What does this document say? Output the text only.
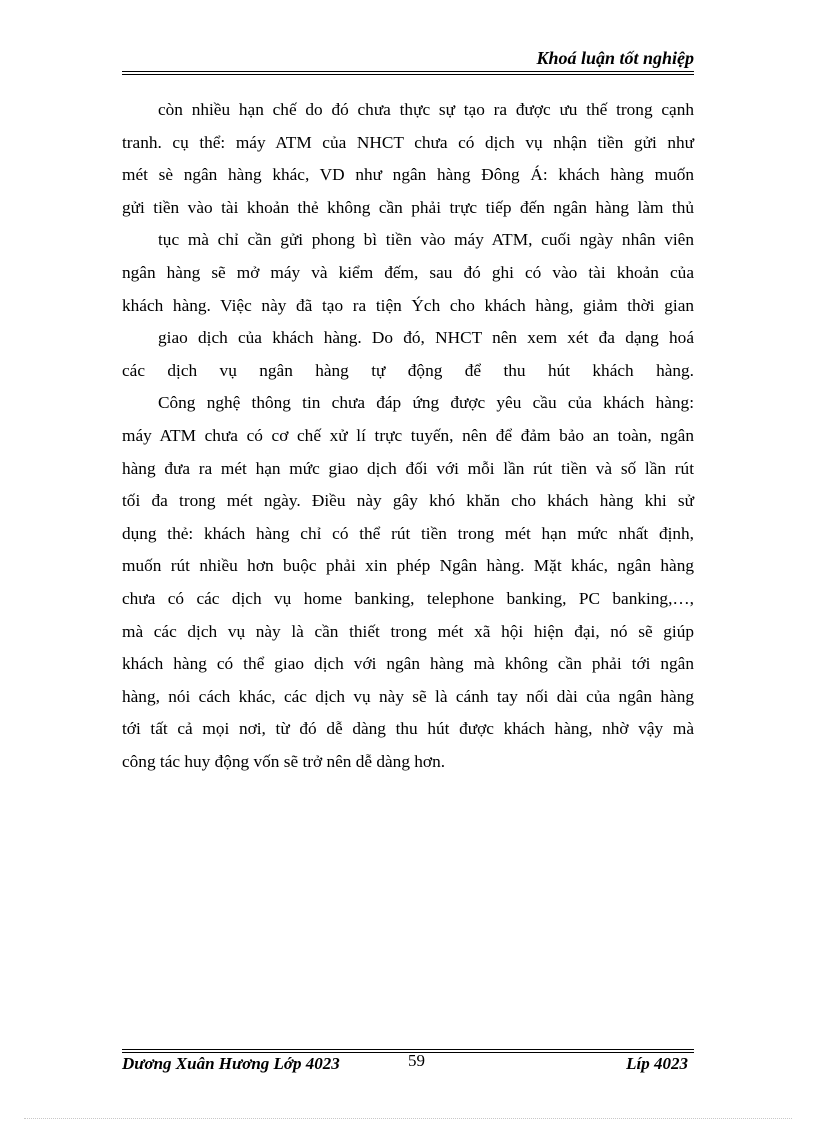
Khoá luận tốt nghiệp

còn nhiều hạn chế do đó chưa thực sự tạo ra được ưu thế trong cạnh

tranh. cụ thể: máy ATM của NHCT chưa có dịch vụ nhận tiền gửi như

mét sè ngân hàng khác, VD như ngân hàng Đông Á: khách hàng muốn

gửi tiền vào tài khoản thẻ không cần phải trực tiếp đến ngân hàng làm thủ

tục mà chỉ cần gửi phong bì tiền vào máy ATM, cuối ngày nhân viên

ngân hàng sẽ mở máy và kiểm đếm, sau đó ghi có vào tài khoản của

khách hàng. Việc này đã tạo ra tiện Ých cho khách hàng, giảm thời gian

giao dịch của khách hàng. Do đó, NHCT nên xem xét đa dạng hoá

các dịch vụ ngân hàng tự động để thu hút khách hàng.

Công nghệ thông tin chưa đáp ứng được yêu cầu của khách hàng:

máy ATM chưa có cơ chế xử lí trực tuyến, nên để đảm bảo an toàn, ngân

hàng đưa ra mét hạn mức giao dịch đối với mỗi lần rút tiền và số lần rút

tối đa trong mét ngày. Điều này gây khó khăn cho khách hàng khi sử

dụng thẻ: khách hàng chỉ có thể rút tiền trong mét hạn mức nhất định,

muốn rút nhiều hơn buộc phải xin phép Ngân hàng. Mặt khác, ngân hàng

chưa có các dịch vụ home banking, telephone banking, PC banking,…,

mà các dịch vụ này là cần thiết trong mét xã hội hiện đại, nó sẽ giúp

khách hàng có thể giao dịch với ngân hàng mà không cần phải tới ngân

hàng, nói cách khác, các dịch vụ này sẽ là cánh tay nối dài của ngân hàng

tới tất cả mọi nơi, từ đó dễ dàng thu hút được khách hàng, nhờ vậy mà

công tác huy động vốn sẽ trở nên dễ dàng hơn.

Dương Xuân Hương Lớp 4023	59	Líp 4023
